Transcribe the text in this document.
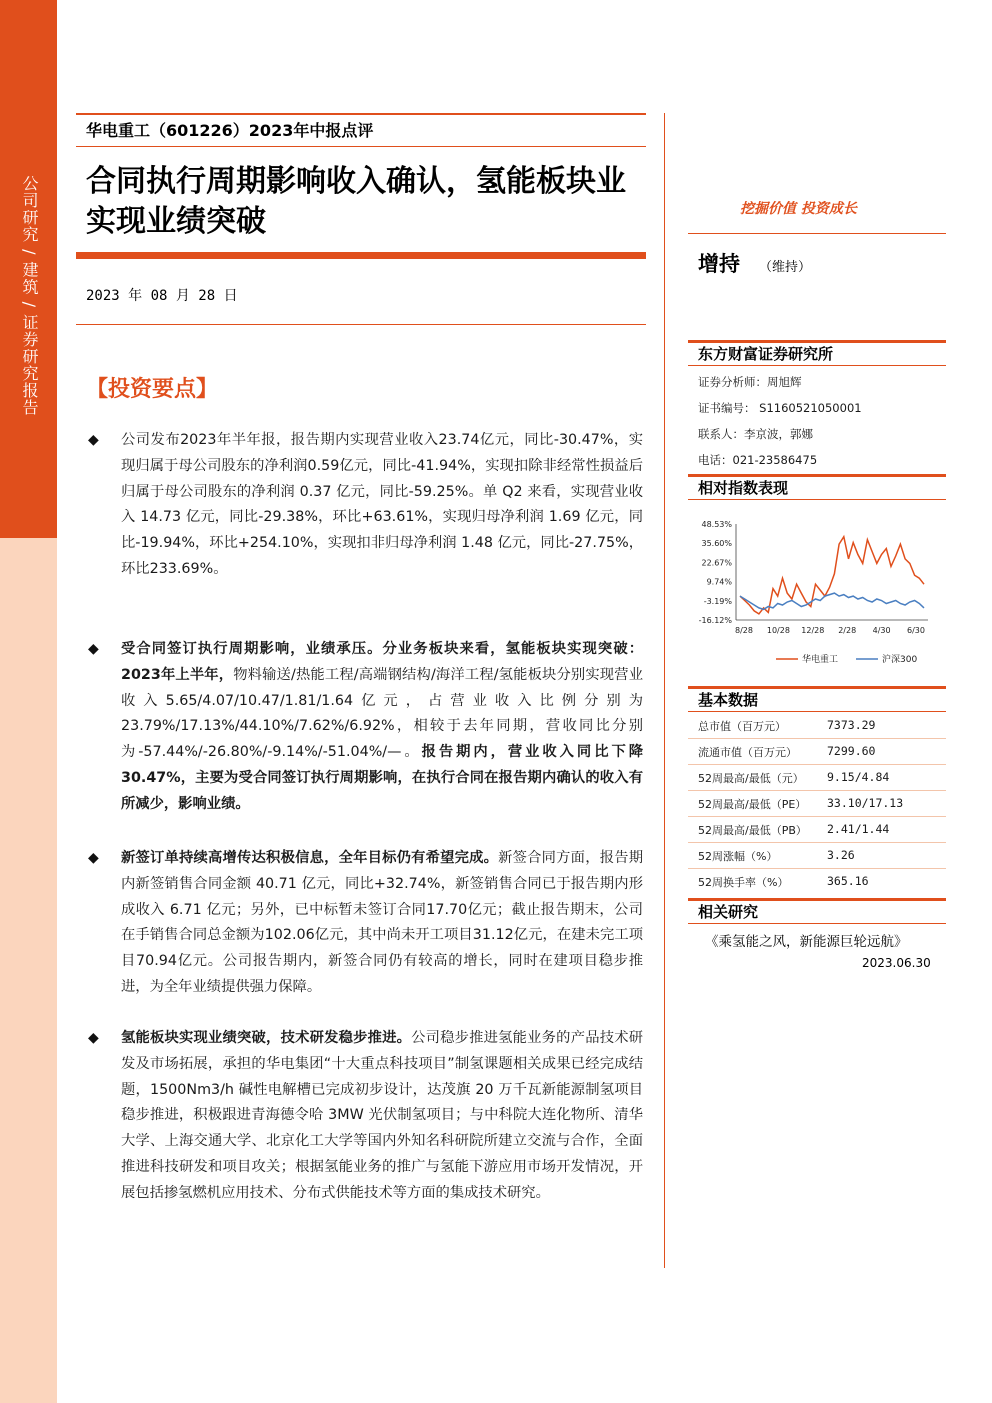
公司研究 / 建筑 / 证券研究报告
华电重工（601226）2023年中报点评
合同执行周期影响收入确认，氢能板块业实现业绩突破
2023 年 08 月 28 日
【投资要点】
◆ 公司发布2023年半年报，报告期内实现营业收入23.74亿元，同比-30.47%，实现归属于母公司股东的净利润0.59亿元，同比-41.94%，实现扣除非经常性损益后归属于母公司股东的净利润 0.37 亿元，同比-59.25%。单 Q2 来看，实现营业收入 14.73 亿元，同比-29.38%，环比+63.61%，实现归母净利润 1.69 亿元，同比-19.94%，环比+254.10%，实现扣非归母净利润 1.48 亿元，同比-27.75%，环比233.69%。
◆ 受合同签订执行周期影响，业绩承压。分业务板块来看，氢能板块实现突破：2023年上半年，物料输送/热能工程/高端钢结构/海洋工程/氢能板块分别实现营业收入5.65/4.07/10.47/1.81/1.64亿元，占营业收入比例分别为23.79%/17.13%/44.10%/7.62%/6.92%，相较于去年同期，营收同比分别为-57.44%/-26.80%/-9.14%/-51.04%/—。报告期内，营业收入同比下降30.47%，主要为受合同签订执行周期影响，在执行合同在报告期内确认的收入有所减少，影响业绩。
◆ 新签订单持续高增传达积极信息，全年目标仍有希望完成。新签合同方面，报告期内新签销售合同金额 40.71 亿元，同比+32.74%，新签销售合同已于报告期内形成收入 6.71 亿元；另外，已中标暂未签订合同17.70亿元；截止报告期末，公司在手销售合同总金额为102.06亿元，其中尚未开工项目31.12亿元，在建未完工项目70.94亿元。公司报告期内，新签合同仍有较高的增长，同时在建项目稳步推进，为全年业绩提供强力保障。
◆ 氢能板块实现业绩突破，技术研发稳步推进。公司稳步推进氢能业务的产品技术研发及市场拓展，承担的华电集团“十大重点科技项目”制氢课题相关成果已经完成结题，1500Nm3/h 碱性电解槽已完成初步设计，达茂旗 20 万千瓦新能源制氢项目稳步推进，积极跟进青海德令哈 3MW 光伏制氢项目；与中科院大连化物所、清华大学、上海交通大学、北京化工大学等国内外知名科研院所建立交流与合作，全面推进科技研发和项目攻关；根据氢能业务的推广与氢能下游应用市场开发情况，开展包括掺氢燃机应用技术、分布式供能技术等方面的集成技术研究。
挖掘价值 投资成长
增持 （维持）
东方财富证券研究所
证券分析师：周旭辉
证书编号： S1160521050001
联系人：李京波，郭娜
电话：021-23586475
相对指数表现
48.53%
35.60%
22.67%
9.74%
-3.19%
-16.12%
8/28 10/28 12/28 2/28 4/30 6/30
华电重工	沪深300
基本数据
总市值（百万元）	7373.29
流通市值（百万元）	7299.60
52周最高/最低（元） 9.15/4.84
52周最高/最低（PE） 33.10/17.13
52周最高/最低（PB） 2.41/1.44
52周涨幅（%）	3.26
52周换手率（%）	365.16
相关研究
《乘氢能之风，新能源巨轮远航》
2023.06.30
